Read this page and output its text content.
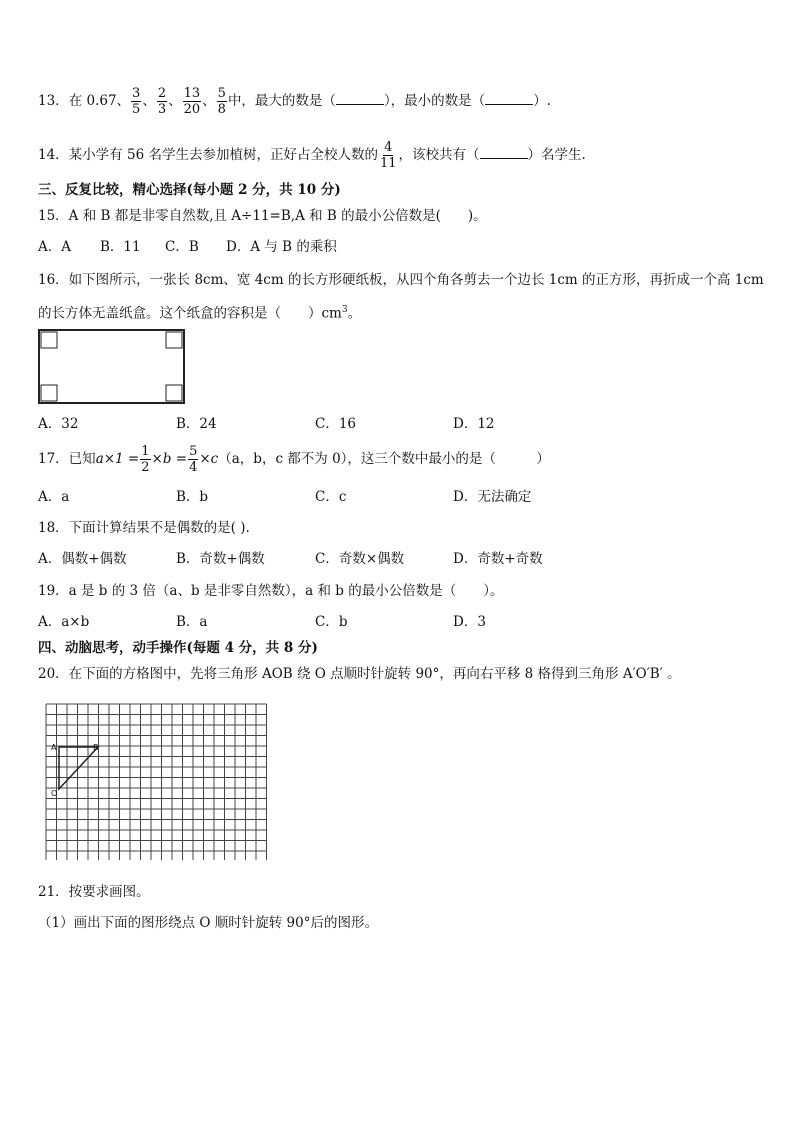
13．在 0.67、 $\frac{3}{5}$ 、 $\frac{2}{3}$ 、 $\frac{13}{20}$ 、 $\frac{5}{8}$ 中，最大的数是（	），最小的数是（	）.
14．某小学有 56 名学生去参加植树，正好占全校人数的 $\frac{4}{11}$ ，该校共有（	）名学生.
三、反复比较，精心选择(每小题 2 分，共 10 分)
15．A 和 B 都是非零自然数,且 A÷11=B,A 和 B 的最小公倍数是(　　)。
A．A B．11 C．B D．A 与 B 的乘积
16．如下图所示，一张长 8cm、宽 4cm 的长方形硬纸板，从四个角各剪去一个边长 1cm 的正方形，再折成一个高 1cm
的长方体无盖纸盒。这个纸盒的容积是（　　）$cm^3$。
A．32	B．24	C．16	D．12
17．已知$a\times 1 = \frac{1}{2} \times b = \frac{5}{4} \times c(a$，b，c 都不为 0），这三个数中最小的是（　　　）
A．a	B．b	C．c	D．无法确定
18．下面计算结果不是偶数的是( ).
A．偶数+偶数	B．奇数+偶数	C．奇数×偶数	D．奇数+奇数
19．a 是 b 的 3 倍（a、b 是非零自然数），a 和 b 的最小公倍数是（　　）。
A．a×b	B．a	C．b	D．3
四、动脑思考，动手操作(每题 4 分，共 8 分)
20．在下面的方格图中，先将三角形 AOB 绕 O 点顺时针旋转 90°，再向右平移 8 格得到三角形 A′O′B′ 。
A	B
O
21．按要求画图。
（1）画出下面的图形绕点 O 顺时针旋转 90°后的图形。
